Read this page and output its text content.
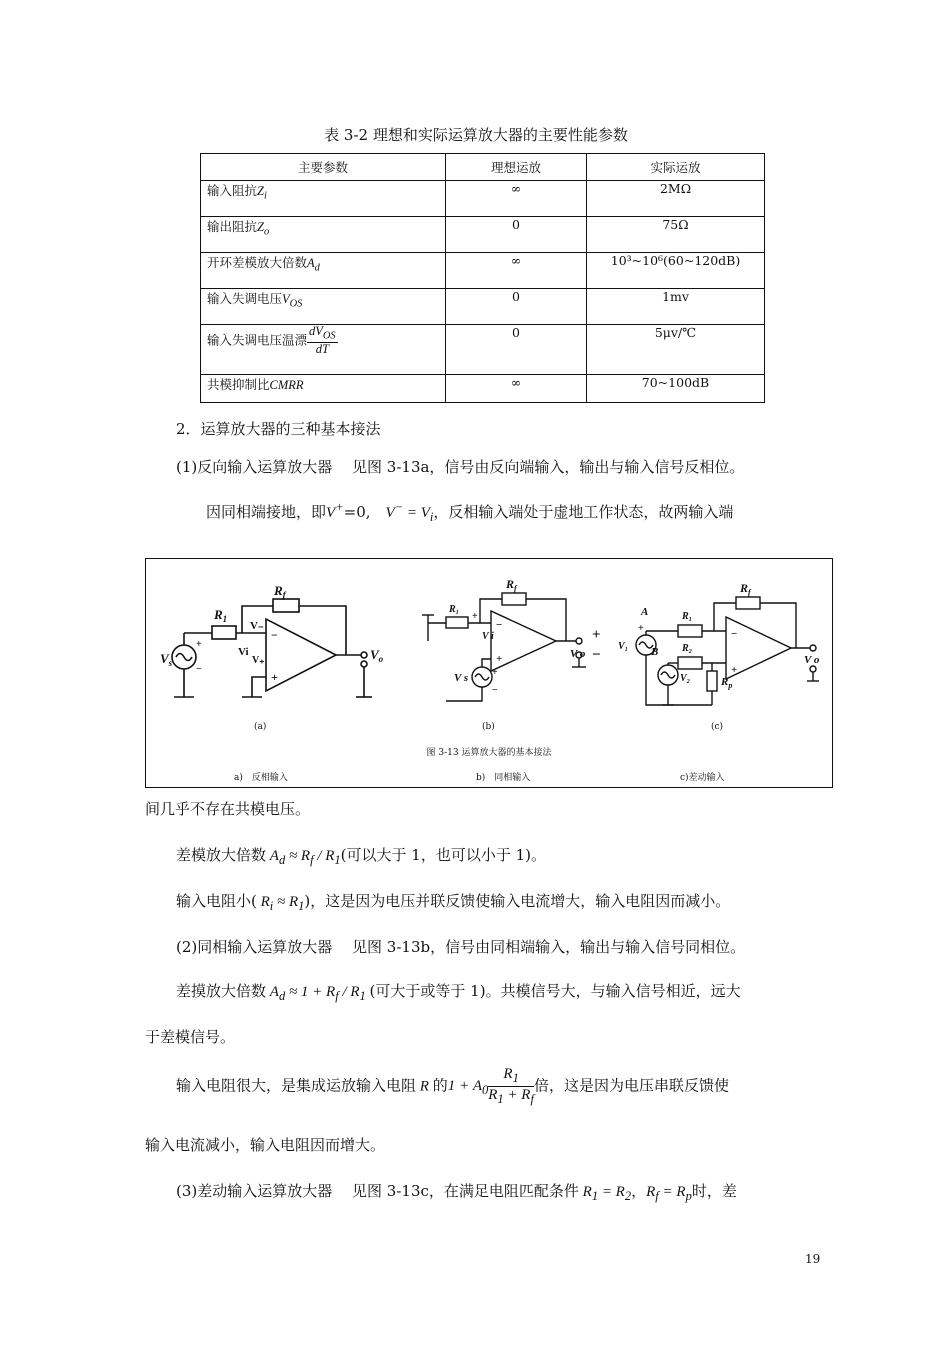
表 3-2 理想和实际运算放大器的主要性能参数
主要参数	理想运放	实际运放
输入阻抗$Z_i$	∞	2MΩ
输出阻抗$Z_o$	0	75Ω
开环差模放大倍数$A_d$	∞	10³~10⁶(60~120dB)
输入失调电压$V_{OS}$	0	1mv
输入失调电压温漂 $\frac{dV_{OS}}{dT}$	0	5μv/℃
共模抑制比CMRR	∞	70~100dB
2．运算放大器的三种基本接法
(1)反向输入运算放大器　 见图 3-13a，信号由反向端输入，输出与输入信号反相位。
因同相端接地，即V+=0,　$V^- = V_i$，反相输入端处于虚地工作状态，故两输入端
$R_f$
$R_1$
V₋
Vi
V₊
−
+
+
−
$V_s$
$V_o$
$R_f$
R₁
+
V i
−
+
V s +
−
V o
+
−
$R_f$
R₁
R₂
A
B
V₁
V₂	$R_p$
−
+
+
V o
(a)	(b)	(c)
图 3-13 运算放大器的基本接法
a)　反相输入	b)　同相输入	c)差动输入
间几乎不存在共模电压。
差模放大倍数 $A_d \approx R_f / R_1$(可以大于 1，也可以小于 1)。
输入电阻小( $R_i \approx R_1$)，这是因为电压并联反馈使输入电流增大，输入电阻因而减小。
(2)同相输入运算放大器　 见图 3-13b，信号由同相端输入，输出与输入信号同相位。
差摸放大倍数 $A_d \approx 1 + R_f / R_1$ (可大于或等于 1)。共模信号大，与输入信号相近，远大
于差模信号。
输入电阻很大，是集成运放输入电阻 R 的$1 + A_0 \frac{R_1}{R_1 + R_f}$ 倍，这是因为电压串联反馈使
输入电流减小，输入电阻因而增大。
(3)差动输入运算放大器　 见图 3-13c，在满足电阻匹配条件 $R_1 = R_2$，$R_f = R_p$时，差
19
